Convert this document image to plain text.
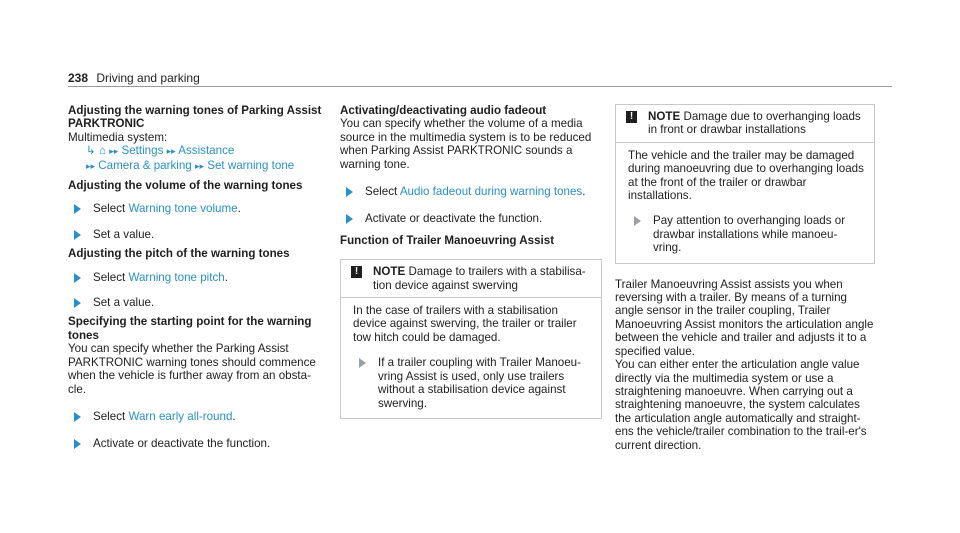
238 Driving and parking

Adjusting the warning tones of Parking Assist PARKTRONIC

Multimedia system:

↳ ⌂ ▸▸ Settings ▸▸ Assistance

▸▸ Camera & parking ▸▸ Set warning tone

Adjusting the volume of the warning tones

Select Warning tone volume.

Set a value.

Adjusting the pitch of the warning tones

Select Warning tone pitch.

Set a value.

Specifying the starting point for the warning tones

You can specify whether the Parking Assist PARKTRONIC warning tones should commence when the vehicle is further away from an obsta-cle.

Select Warn early all-round.

Activate or deactivate the function.

Activating/deactivating audio fadeout

You can specify whether the volume of a media source in the multimedia system is to be reduced when Parking Assist PARKTRONIC sounds a warning tone.

Select Audio fadeout during warning tones.

Activate or deactivate the function.

Function of Trailer Manoeuvring Assist

!	NOTE Damage to trailers with a stabilisa-tion device against swerving

In the case of trailers with a stabilisation device against swerving, the trailer or trailer tow hitch could be damaged.

If a trailer coupling with Trailer Manoeu-vring Assist is used, only use trailers without a stabilisation device against swerving.

!	NOTE Damage due to overhanging loads in front or drawbar installations

The vehicle and the trailer may be damaged during manoeuvring due to overhanging loads at the front of the trailer or drawbar installations.

Pay attention to overhanging loads or drawbar installations while manoeu-vring.

Trailer Manoeuvring Assist assists you when reversing with a trailer. By means of a turning angle sensor in the trailer coupling, Trailer Manoeuvring Assist monitors the articulation angle between the vehicle and trailer and adjusts it to a specified value.

You can either enter the articulation angle value directly via the multimedia system or use a straightening manoeuvre. When carrying out a straightening manoeuvre, the system calculates the articulation angle automatically and straight-ens the vehicle/trailer combination to the trail-er's current direction.
